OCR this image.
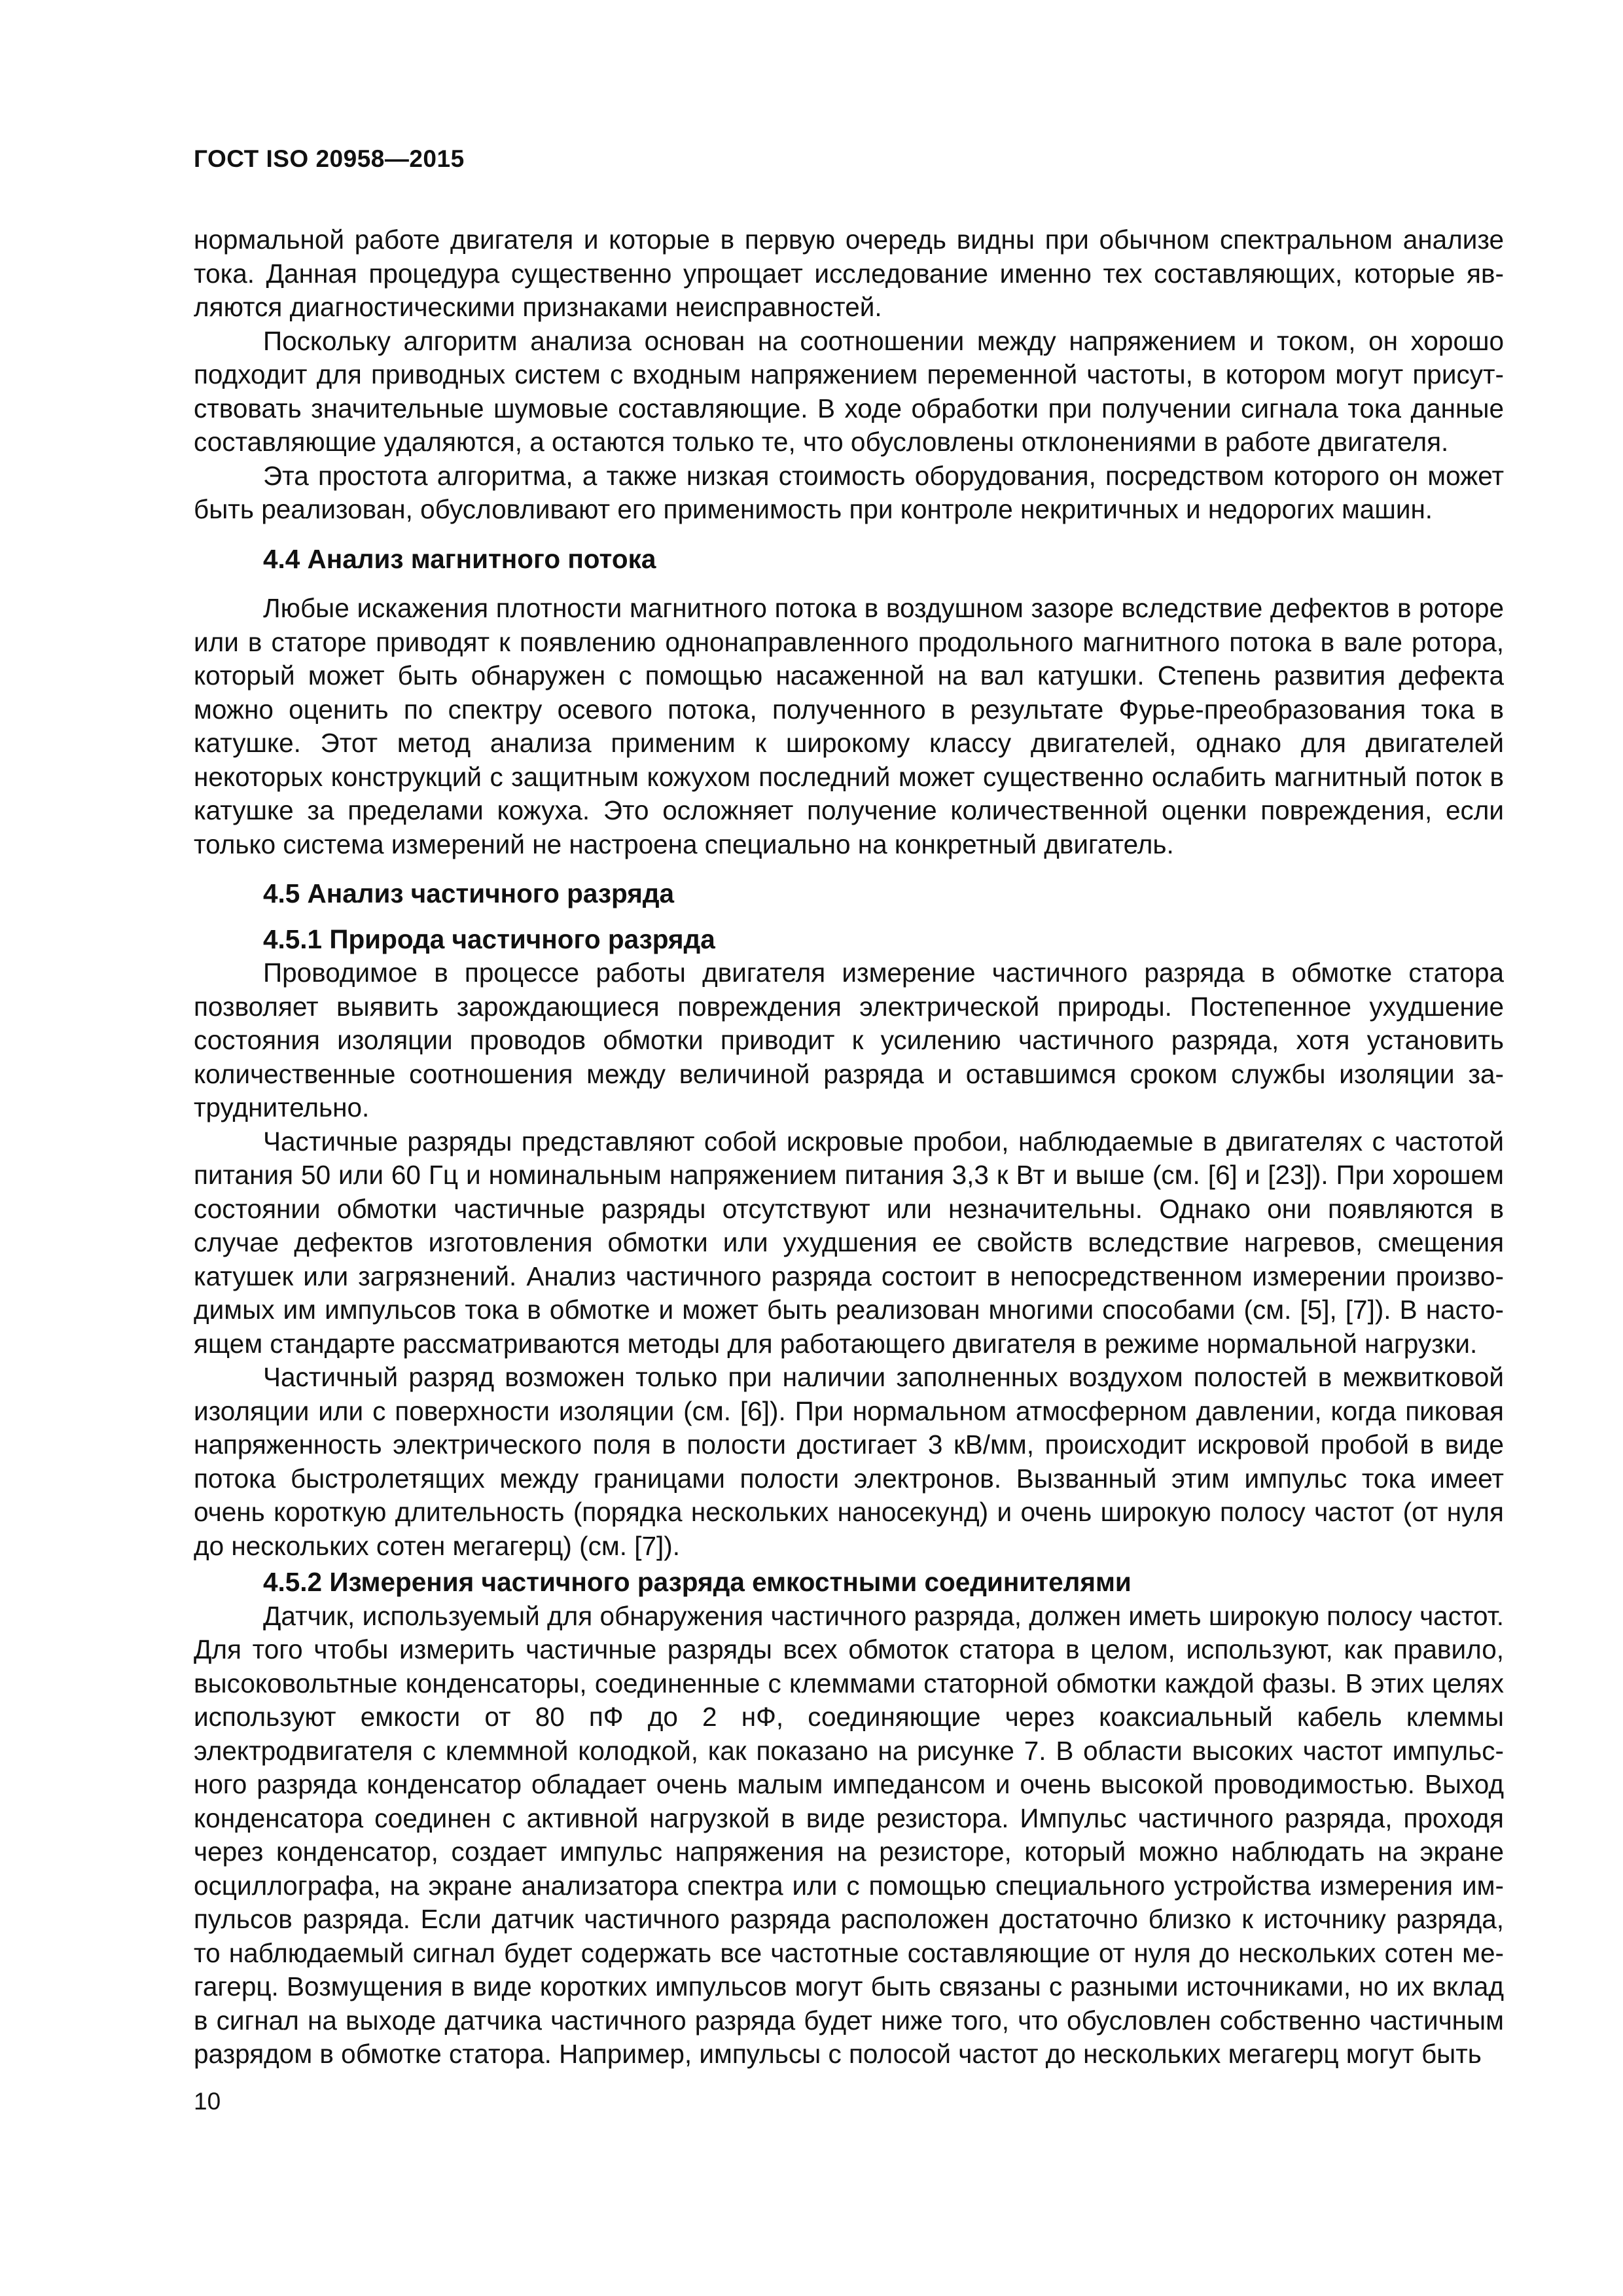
ГОСТ ISO 20958—2015

нормальной работе двигателя и которые в первую очередь видны при обычном спектральном анализе тока. Данная процедура существенно упрощает исследование именно тех составляющих, которые являются диагностическими признаками неисправностей.

Поскольку алгоритм анализа основан на соотношении между напряжением и током, он хорошо подходит для приводных систем с входным напряжением переменной частоты, в котором могут присутствовать значительные шумовые составляющие. В ходе обработки при получении сигнала тока данные составляющие удаляются, а остаются только те, что обусловлены отклонениями в работе двигателя.

Эта простота алгоритма, а также низкая стоимость оборудования, посредством которого он может быть реализован, обусловливают его применимость при контроле некритичных и недорогих машин.

4.4 Анализ магнитного потока

Любые искажения плотности магнитного потока в воздушном зазоре вследствие дефектов в роторе или в статоре приводят к появлению однонаправленного продольного магнитного потока в вале ротора, который может быть обнаружен с помощью насаженной на вал катушки. Степень развития дефекта можно оценить по спектру осевого потока, полученного в результате Фурье-преобразования тока в катушке. Этот метод анализа применим к широкому классу двигателей, однако для двигателей некоторых конструкций с защитным кожухом последний может существенно ослабить магнитный поток в катушке за пределами кожуха. Это осложняет получение количественной оценки повреждения, если только система измерений не настроена специально на конкретный двигатель.

4.5 Анализ частичного разряда
4.5.1 Природа частичного разряда

Проводимое в процессе работы двигателя измерение частичного разряда в обмотке статора позволяет выявить зарождающиеся повреждения электрической природы. Постепенное ухудшение состояния изоляции проводов обмотки приводит к усилению частичного разряда, хотя установить количественные соотношения между величиной разряда и оставшимся сроком службы изоляции затруднительно.

Частичные разряды представляют собой искровые пробои, наблюдаемые в двигателях с частотой питания 50 или 60 Гц и номинальным напряжением питания 3,3 к Вт и выше (см. [6] и [23]). При хорошем состоянии обмотки частичные разряды отсутствуют или незначительны. Однако они появляются в случае дефектов изготовления обмотки или ухудшения ее свойств вследствие нагревов, смещения катушек или загрязнений. Анализ частичного разряда состоит в непосредственном измерении производимых им импульсов тока в обмотке и может быть реализован многими способами (см. [5], [7]). В настоящем стандарте рассматриваются методы для работающего двигателя в режиме нормальной нагрузки.

Частичный разряд возможен только при наличии заполненных воздухом полостей в межвитковой изоляции или с поверхности изоляции (см. [6]). При нормальном атмосферном давлении, когда пиковая напряженность электрического поля в полости достигает 3 кВ/мм, происходит искровой пробой в виде потока быстролетящих между границами полости электронов. Вызванный этим импульс тока имеет очень короткую длительность (порядка нескольких наносекунд) и очень широкую полосу частот (от нуля до нескольких сотен мегагерц) (см. [7]).

4.5.2 Измерения частичного разряда емкостными соединителями

Датчик, используемый для обнаружения частичного разряда, должен иметь широкую полосу частот. Для того чтобы измерить частичные разряды всех обмоток статора в целом, используют, как правило, высоковольтные конденсаторы, соединенные с клеммами статорной обмотки каждой фазы. В этих целях используют емкости от 80 пФ до 2 нФ, соединяющие через коаксиальный кабель клеммы электродвигателя с клеммной колодкой, как показано на рисунке 7. В области высоких частот импульсного разряда конденсатор обладает очень малым импедансом и очень высокой проводимостью. Выход конденсатора соединен с активной нагрузкой в виде резистора. Импульс частичного разряда, проходя через конденсатор, создает импульс напряжения на резисторе, который можно наблюдать на экране осциллографа, на экране анализатора спектра или с помощью специального устройства измерения импульсов разряда. Если датчик частичного разряда расположен достаточно близко к источнику разряда, то наблюдаемый сигнал будет содержать все частотные составляющие от нуля до нескольких сотен мегагерц. Возмущения в виде коротких импульсов могут быть связаны с разными источниками, но их вклад в сигнал на выходе датчика частичного разряда будет ниже того, что обусловлен собственно частичным разрядом в обмотке статора. Например, импульсы с полосой частот до нескольких мегагерц могут быть

10
